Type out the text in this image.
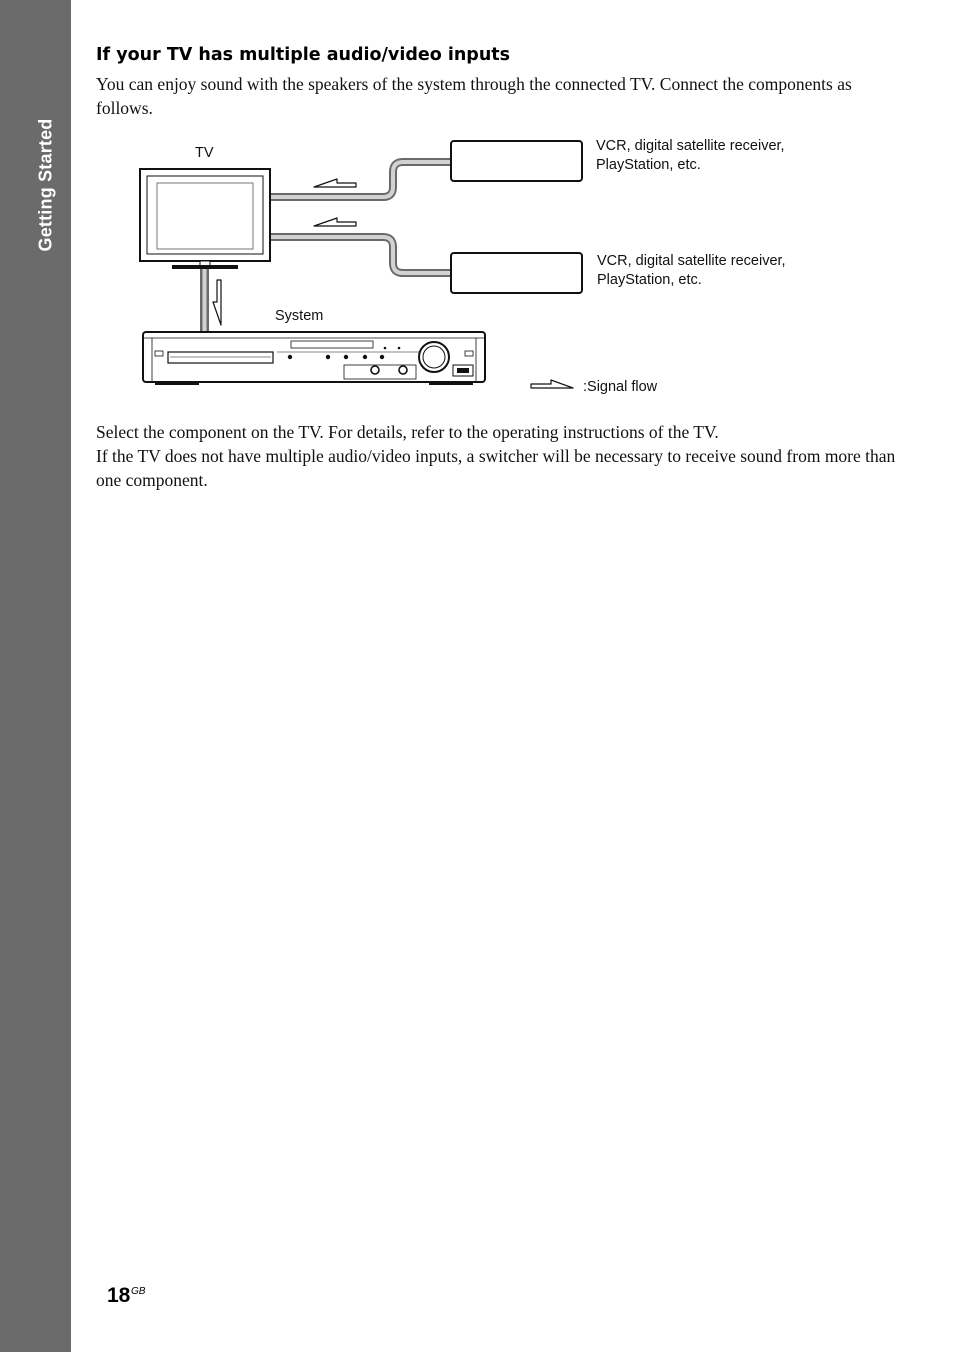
Getting Started
If your TV has multiple audio/video inputs

You can enjoy sound with the speakers of the system through the connected TV. Connect the components as follows.

TV
System
VCR, digital satellite receiver,
PlayStation, etc.
VCR, digital satellite receiver,
PlayStation, etc.
:Signal flow

Select the component on the TV. For details, refer to the operating instructions of the TV.

If the TV does not have multiple audio/video inputs, a switcher will be necessary to receive sound from more than one component.

18 GB
